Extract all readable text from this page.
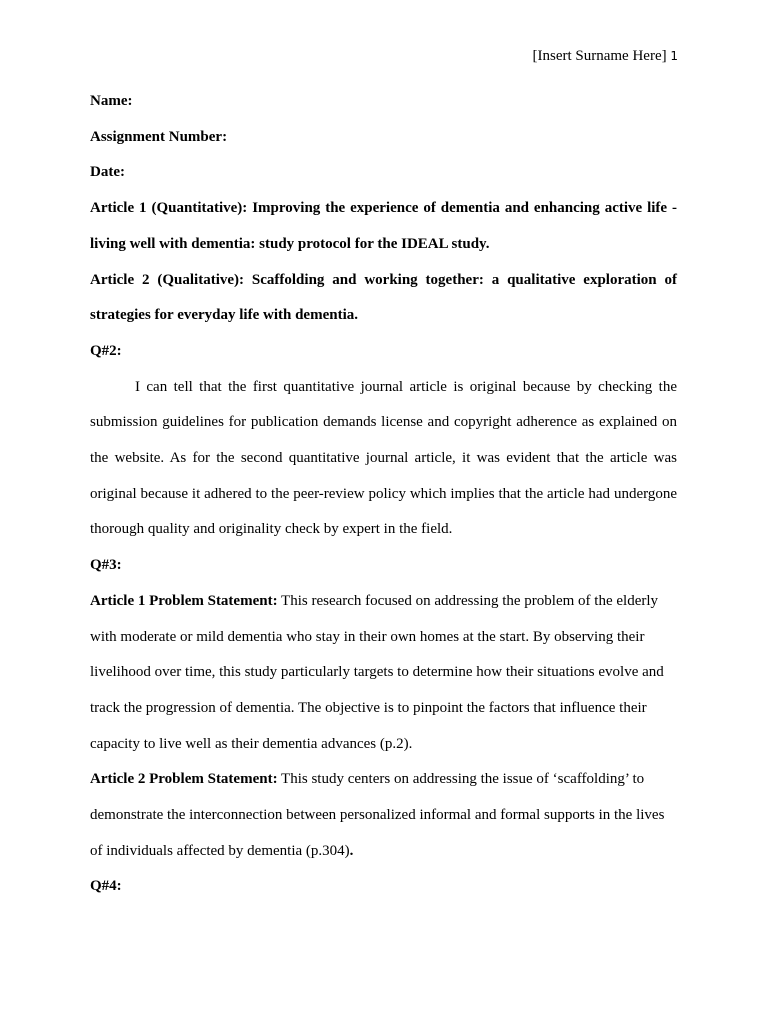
[Insert Surname Here] 1

Name:

Assignment Number:

Date:

Article 1 (Quantitative): Improving the experience of dementia and enhancing active life - living well with dementia: study protocol for the IDEAL study.

Article 2 (Qualitative): Scaffolding and working together: a qualitative exploration of strategies for everyday life with dementia.

Q#2:

I can tell that the first quantitative journal article is original because by checking the submission guidelines for publication demands license and copyright adherence as explained on the website. As for the second quantitative journal article, it was evident that the article was original because it adhered to the peer-review policy which implies that the article had undergone thorough quality and originality check by expert in the field.

Q#3:

Article 1 Problem Statement: This research focused on addressing the problem of the elderly with moderate or mild dementia who stay in their own homes at the start. By observing their livelihood over time, this study particularly targets to determine how their situations evolve and track the progression of dementia. The objective is to pinpoint the factors that influence their capacity to live well as their dementia advances (p.2).

Article 2 Problem Statement: This study centers on addressing the issue of ‘scaffolding’ to demonstrate the interconnection between personalized informal and formal supports in the lives of individuals affected by dementia (p.304).

Q#4:
